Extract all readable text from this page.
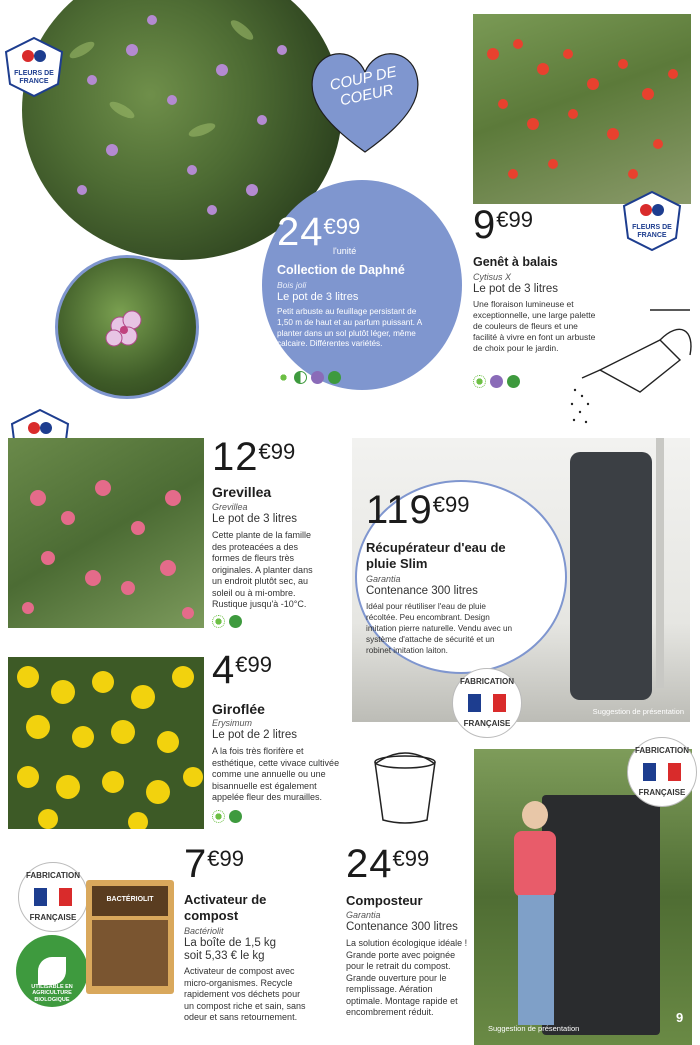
COUP DE COEUR
24€99
l'unité
Collection de Daphné
Bois joli
Le pot de 3 litres
Petit arbuste au feuillage persistant de 1,50 m de haut et au parfum puissant. A planter dans un sol plutôt léger, même calcaire. Différentes variétés.
FLEURS DE FRANCE
FLEURS DE FRANCE
9€99
Genêt à balais
Cytisus X
Le pot de 3 litres
Une floraison lumineuse et exceptionnelle, une large palette de couleurs de fleurs et une facilité à vivre en font un arbuste de choix pour le jardin.
12€99
Grevillea
Grevillea
Le pot de 3 litres
Cette plante de la famille des proteacées a des formes de fleurs très originales. A planter dans un endroit plutôt sec, au soleil ou à mi-ombre. Rustique jusqu'à -10°C.
Suggestion de présentation
119€99
Récupérateur d'eau de pluie Slim
Garantia
Contenance 300 litres
Idéal pour réutiliser l'eau de pluie récoltée. Peu encombrant. Design imitation pierre naturelle. Vendu avec un système d'attache de sécurité et un robinet imitation laiton.
FABRICATION
FRANÇAISE
4€99
Giroflée
Erysimum
Le pot de 2 litres
A la fois très florifère et esthétique, cette vivace cultivée comme une annuelle ou une bisannuelle est également appelée fleur des murailles.
Suggestion de présentation
FABRICATION
FRANÇAISE
9
FABRICATION
FRANÇAISE
UTILISABLE EN AGRICULTURE BIOLOGIQUE
BACTÉRIOLIT
7€99
Activateur de compost
Bactériolit
La boîte de 1,5 kg soit 5,33 € le kg
Activateur de compost avec micro-organismes. Recycle rapidement vos déchets pour un compost riche et sain, sans odeur et sans retournement.
24€99
Composteur
Garantia
Contenance 300 litres
La solution écologique idéale ! Grande porte avec poignée pour le retrait du compost. Grande ouverture pour le remplissage. Aération optimale. Montage rapide et encombrement réduit.
